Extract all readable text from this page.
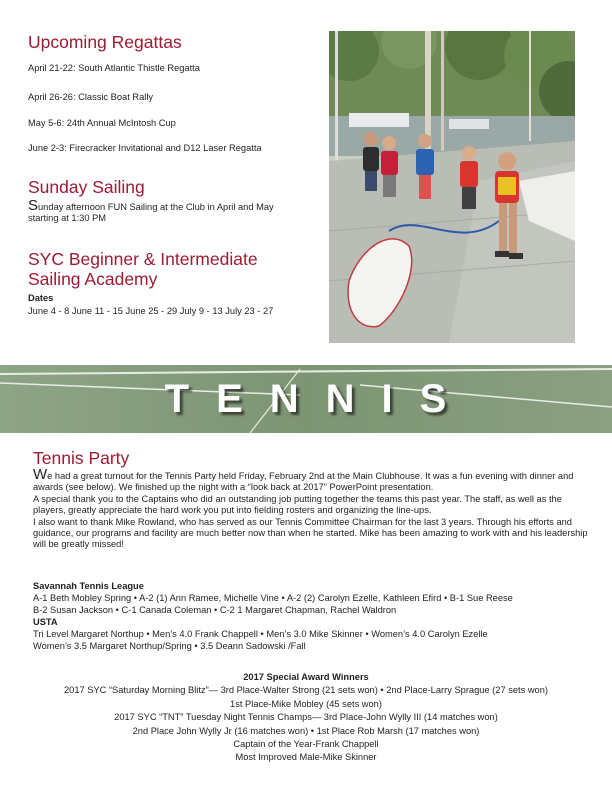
Upcoming Regattas
April 21-22: South Atlantic Thistle Regatta
April 26-26: Classic Boat Rally
May 5-6: 24th Annual McIntosh Cup
June 2-3: Firecracker Invitational and D12 Laser Regatta
Sunday Sailing
Sunday afternoon FUN Sailing at the Club in April and May
starting at 1:30 PM
SYC Beginner & Intermediate
Sailing Academy
Dates
June 4 - 8 June 11 - 15 June 25 - 29 July 9 - 13 July 23 - 27
TENNIS
Tennis Party

We had a great turnout for the Tennis Party held Friday, February 2nd at the Main Clubhouse. It was a fun evening with dinner and awards (see below). We finished up the night with a “look back at 2017” PowerPoint presentation.

A special thank you to the Captains who did an outstanding job putting together the teams this past year. The staff, as well as the players, greatly appreciate the hard work you put into fielding rosters and organizing the line-ups.

I also want to thank Mike Rowland, who has served as our Tennis Committee Chairman for the last 3 years. Through his efforts and guidance, our programs and facility are much better now than when he started. Mike has been amazing to work with and his leadership will be greatly missed!

Savannah Tennis League
A-1 Beth Mobley Spring • A-2 (1) Ann Ramee, Michelle Vine • A-2 (2) Carolyn Ezelle, Kathleen Efird • B-1 Sue Reese
B-2 Susan Jackson • C-1 Canada Coleman • C-2 1 Margaret Chapman, Rachel Waldron
USTA
Tri Level Margaret Northup • Men’s 4.0 Frank Chappell • Men’s 3.0 Mike Skinner • Women’s 4.0 Carolyn Ezelle
Women’s 3.5 Margaret Northup/Spring • 3.5 Deann Sadowski /Fall
2017 Special Award Winners
2017 SYC “Saturday Morning Blitz”— 3rd Place-Walter Strong (21 sets won) • 2nd Place-Larry Sprague (27 sets won)
1st Place-Mike Mobley (45 sets won)
2017 SYC “TNT” Tuesday Night Tennis Champs— 3rd Place-John Wylly III (14 matches won)
2nd Place John Wylly Jr (16 matches won) • 1st Place Rob Marsh (17 matches won)
Captain of the Year-Frank Chappell
Most Improved Male-Mike Skinner
